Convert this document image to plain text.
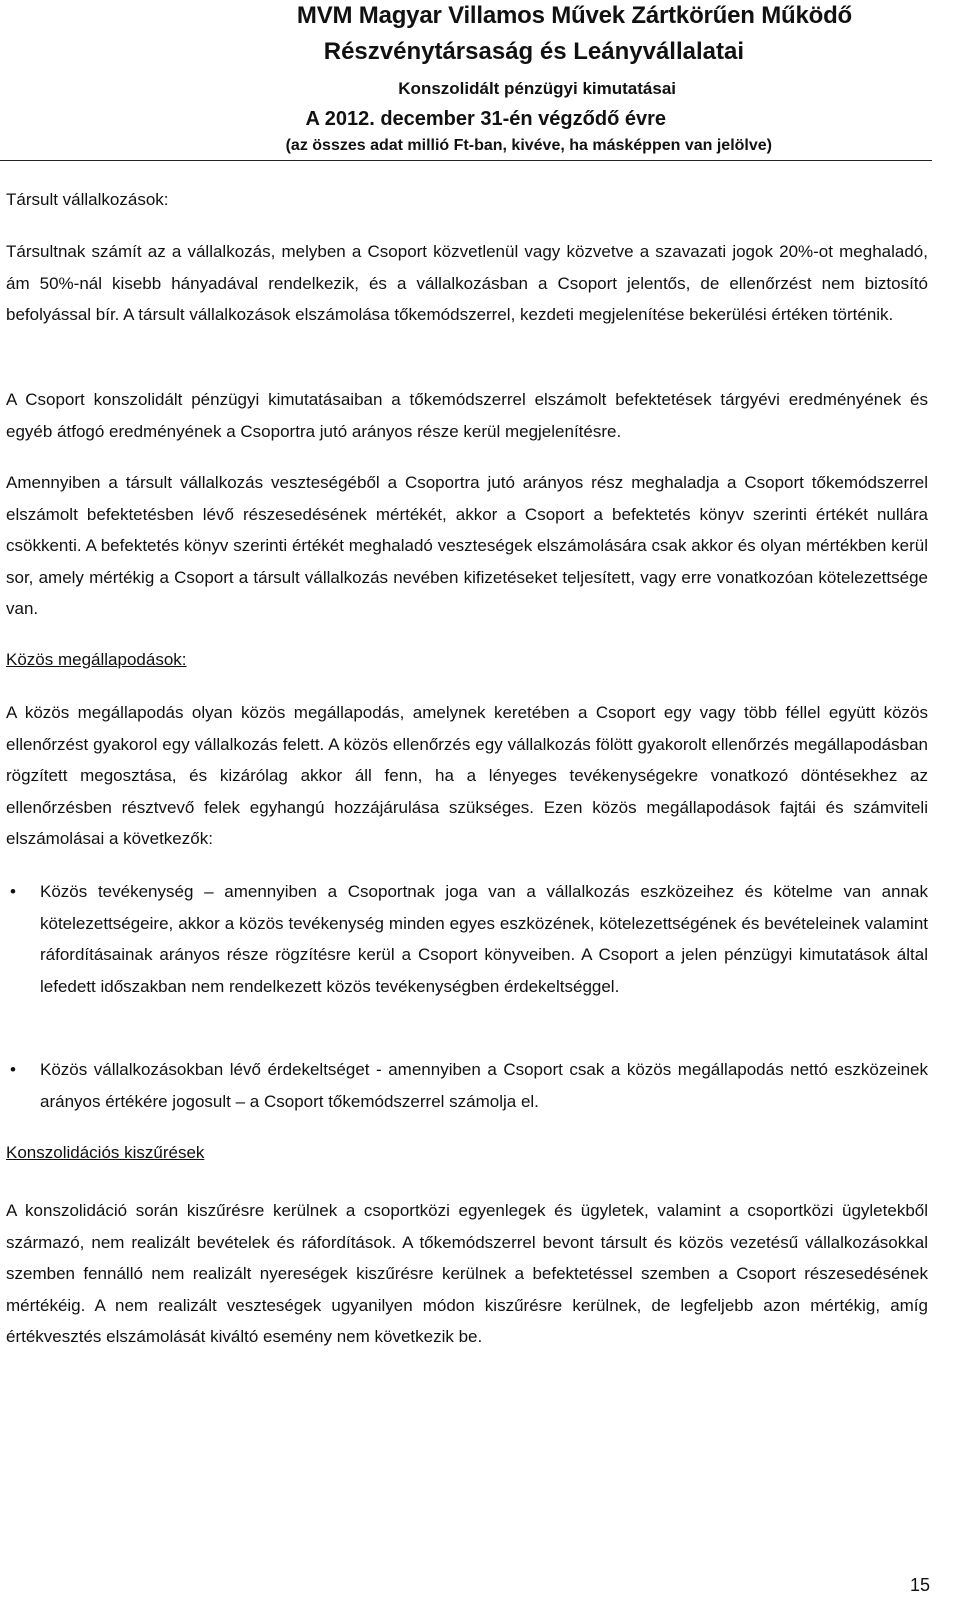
MVM Magyar Villamos Művek Zártkörűen Működő
Részvénytársaság és Leányvállalatai
Konszolidált pénzügyi kimutatásai
A 2012. december 31-én végződő évre
(az összes adat millió Ft-ban, kivéve, ha másképpen van jelölve)
Társult vállalkozások:

Társultnak számít az a vállalkozás, melyben a Csoport közvetlenül vagy közvetve a szavazati jogok 20%-ot meghaladó, ám 50%-nál kisebb hányadával rendelkezik, és a vállalkozásban a Csoport jelentős, de ellenőrzést nem biztosító befolyással bír. A társult vállalkozások elszámolása tőkemódszerrel, kezdeti megjelenítése bekerülési értéken történik.

A Csoport konszolidált pénzügyi kimutatásaiban a tőkemódszerrel elszámolt befektetések tárgyévi eredményének és egyéb átfogó eredményének a Csoportra jutó arányos része kerül megjelenítésre.

Amennyiben a társult vállalkozás veszteségéből a Csoportra jutó arányos rész meghaladja a Csoport tőkemódszerrel elszámolt befektetésben lévő részesedésének mértékét, akkor a Csoport a befektetés könyv szerinti értékét nullára csökkenti. A befektetés könyv szerinti értékét meghaladó veszteségek elszámolására csak akkor és olyan mértékben kerül sor, amely mértékig a Csoport a társult vállalkozás nevében kifizetéseket teljesített, vagy erre vonatkozóan kötelezettsége van.

Közös megállapodások:

A közös megállapodás olyan közös megállapodás, amelynek keretében a Csoport egy vagy több féllel együtt közös ellenőrzést gyakorol egy vállalkozás felett. A közös ellenőrzés egy vállalkozás fölött gyakorolt ellenőrzés megállapodásban rögzített megosztása, és kizárólag akkor áll fenn, ha a lényeges tevékenységekre vonatkozó döntésekhez az ellenőrzésben résztvevő felek egyhangú hozzájárulása szükséges. Ezen közös megállapodások fajtái és számviteli elszámolásai a következők:

•	Közös tevékenység – amennyiben a Csoportnak joga van a vállalkozás eszközeihez és kötelme van annak kötelezettségeire, akkor a közös tevékenység minden egyes eszközének, kötelezettségének és bevételeinek valamint ráfordításainak arányos része rögzítésre kerül a Csoport könyveiben. A Csoport a jelen pénzügyi kimutatások által lefedett időszakban nem rendelkezett közös tevékenységben érdekeltséggel.
•	Közös vállalkozásokban lévő érdekeltséget - amennyiben a Csoport csak a közös megállapodás nettó eszközeinek arányos értékére jogosult – a Csoport tőkemódszerrel számolja el.
Konszolidációs kiszűrések

A konszolidáció során kiszűrésre kerülnek a csoportközi egyenlegek és ügyletek, valamint a csoportközi ügyletekből származó, nem realizált bevételek és ráfordítások. A tőkemódszerrel bevont társult és közös vezetésű vállalkozásokkal szemben fennálló nem realizált nyereségek kiszűrésre kerülnek a befektetéssel szemben a Csoport részesedésének mértékéig. A nem realizált veszteségek ugyanilyen módon kiszűrésre kerülnek, de legfeljebb azon mértékig, amíg értékvesztés elszámolását kiváltó esemény nem következik be.

15
